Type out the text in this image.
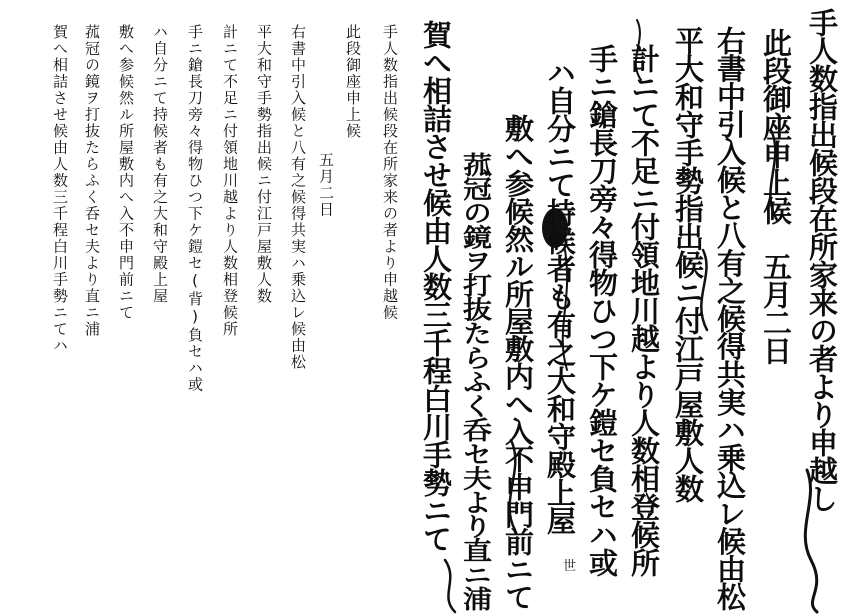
手人数指出候段在所家来の者より申越候
此段御座申上候
五月二日
右書中引入候と八有之候得共実ハ乗込レ候由松
平大和守手勢指出候ニ付江戸屋敷人数
計ニて不足ニ付領地川越より人数相登候所
手ニ鎗長刀旁々得物ひつ下ケ鎧セ(背)負セハ或
ハ自分ニて持候者も有之大和守殿上屋
敷へ参候然ル所屋敷内へ入不申門前ニて
菰冠の鏡ヲ打抜たらふく呑セ夫より直ニ浦
賀へ相詰させ候由人数三千程白川手勢ニてハ	手人数指出候段在所家来の者より申越し
此段御座申上候　五月二日
右書中引入候と八有之候得共実ハ乗込レ候由松
平大和守手勢指出候ニ付江戸屋敷人数
計ニて不足ニ付領地川越より人数相登候所
手ニ鎗長刀旁々得物ひつ下ケ鎧セ負セハ或
ハ自分ニて持候者も有之大和守殿上屋
敷へ参候然ル所屋敷内へ入不申門前ニて
菰冠の鏡ヲ打抜たらふく呑セ夫より直ニ浦
賀へ相詰させ候由人数三千程白川手勢ニて
世
